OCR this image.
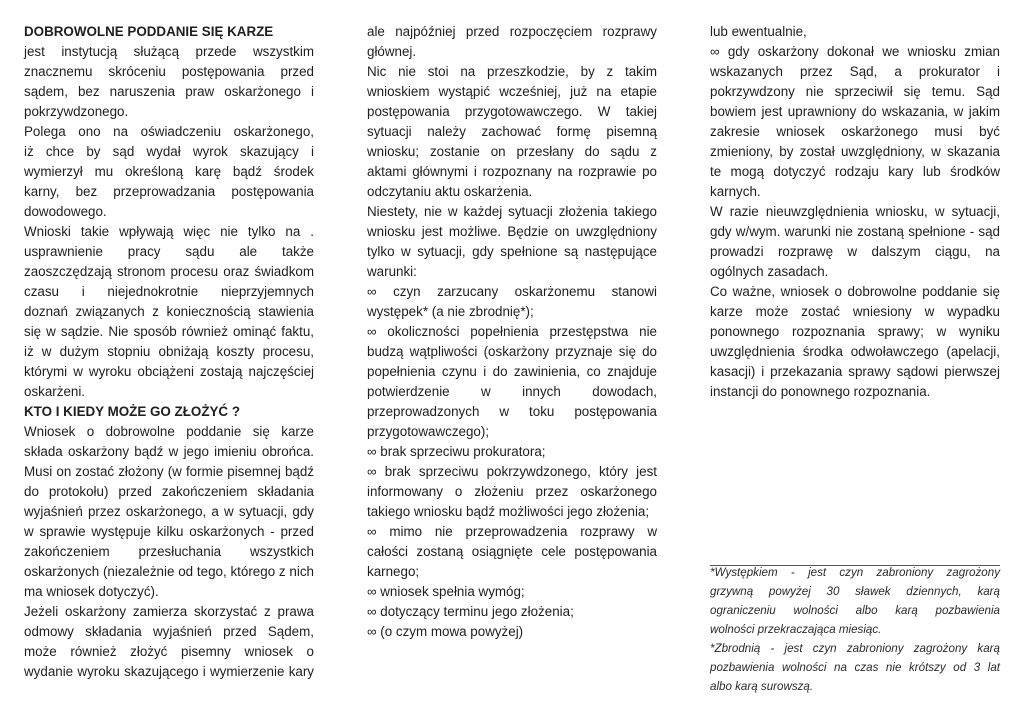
DOBROWOLNE PODDANIE SIĘ KARZE
jest instytucją służącą przede wszystkim
znacznemu skróceniu postępowania przed
sądem, bez naruszenia praw oskarżonego i
pokrzywdzonego.
Polega ono na oświadczeniu oskarżonego,
iż chce by sąd wydał wyrok skazujący i
wymierzył mu określoną karę bądź środek
karny, bez przeprowadzania postępowania
dowodowego.
Wnioski takie wpływają więc nie tylko na .
usprawnienie pracy sądu ale także
zaoszczędzają stronom procesu oraz świadkom
czasu i niejednokrotnie nieprzyjemnych
doznań związanych z koniecznością stawienia
się w sądzie. Nie sposób również ominąć faktu,
iż w dużym stopniu obniżają koszty procesu,
którymi w wyroku obciążeni zostają najczęściej
oskarżeni.
KTO I KIEDY MOŻE GO ZŁOŻYĆ ?
Wniosek o dobrowolne poddanie się karze
składa oskarżony bądź w jego imieniu obrońca.
Musi on zostać złożony (w formie pisemnej bądź
do protokołu) przed zakończeniem składania
wyjaśnień przez oskarżonego, a w sytuacji, gdy
w sprawie występuje kilku oskarżonych - przed
zakończeniem przesłuchania wszystkich
oskarżonych (niezależnie od tego, którego z nich
ma wniosek dotyczyć).
Jeżeli oskarżony zamierza skorzystać z prawa
odmowy składania wyjaśnień przed Sądem,
może również złożyć pisemny wniosek o
wydanie wyroku skazującego i wymierzenie kary
ale najpóźniej przed rozpoczęciem rozprawy
głównej.
Nic nie stoi na przeszkodzie, by z takim
wnioskiem wystąpić wcześniej, już na etapie
postępowania przygotowawczego. W takiej
sytuacji należy zachować formę pisemną
wniosku; zostanie on przesłany do sądu z
aktami głównymi i rozpoznany na rozprawie po
odczytaniu aktu oskarżenia.
Niestety, nie w każdej sytuacji złożenia takiego
wniosku jest możliwe. Będzie on uwzględniony
tylko w sytuacji, gdy spełnione są następujące
warunki:
∞ czyn zarzucany oskarżonemu stanowi
występek* (a nie zbrodnię*);
∞ okoliczności popełnienia przestępstwa nie
budzą wątpliwości (oskarżony przyznaje się do
popełnienia czynu i do zawinienia, co znajduje
potwierdzenie w innych dowodach,
przeprowadzonych w toku postępowania
przygotowawczego);
∞ brak sprzeciwu prokuratora;
∞ brak sprzeciwu pokrzywdzonego, który jest
informowany o złożeniu przez oskarżonego
takiego wniosku bądź możliwości jego złożenia;
∞ mimo nie przeprowadzenia rozprawy w
całości zostaną osiągnięte cele postępowania
karnego;
∞ wniosek spełnia wymóg;
∞ dotyczący terminu jego złożenia;
∞ (o czym mowa powyżej)
lub ewentualnie,
∞ gdy oskarżony dokonał we wniosku zmian
wskazanych przez Sąd, a prokurator i
pokrzywdzony nie sprzeciwił się temu. Sąd
bowiem jest uprawniony do wskazania, w jakim
zakresie wniosek oskarżonego musi być
zmieniony, by został uwzględniony, w skazania
te mogą dotyczyć rodzaju kary lub środków
karnych.
W razie nieuwzględnienia wniosku, w sytuacji,
gdy w/wym. warunki nie zostaną spełnione - sąd
prowadzi rozprawę w dalszym ciągu, na
ogólnych zasadach.
Co ważne, wniosek o dobrowolne poddanie się
karze może zostać wniesiony w wypadku
ponownego rozpoznania sprawy; w wyniku
uwzględnienia środka odwoławczego (apelacji,
kasacji) i przekazania sprawy sądowi pierwszej
instancji do ponownego rozpoznania.
*Występkiem - jest czyn zabroniony zagrożony
grzywną powyżej 30 sławek dziennych, karą
ograniczeniu wolności albo karą pozbawienia
wolności przekraczająca miesiąc.
*Zbrodnią - jest czyn zabroniony zagrożony karą
pozbawienia wolności na czas nie krótszy od 3 lat
albo karą surowszą.
